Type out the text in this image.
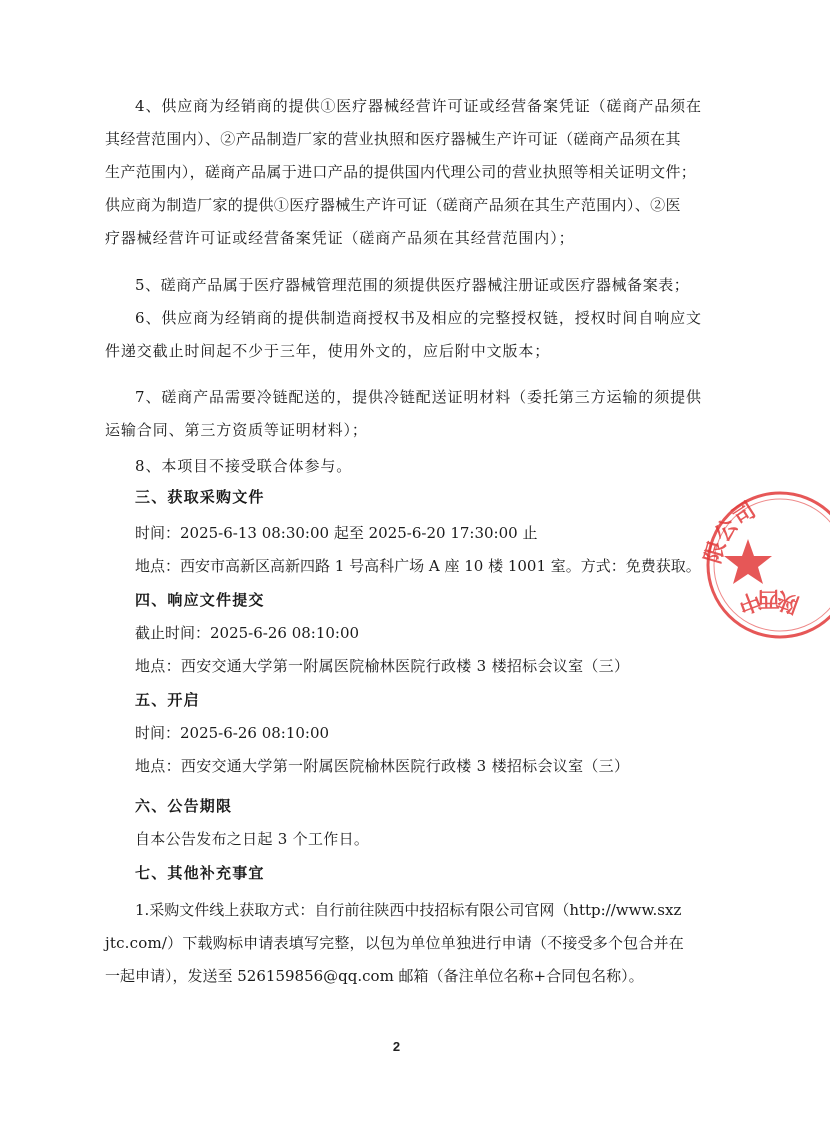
4、供应商为经销商的提供①医疗器械经营许可证或经营备案凭证（磋商产品须在
其经营范围内）、②产品制造厂家的营业执照和医疗器械生产许可证（磋商产品须在其
生产范围内），磋商产品属于进口产品的提供国内代理公司的营业执照等相关证明文件；
供应商为制造厂家的提供①医疗器械生产许可证（磋商产品须在其生产范围内）、②医
疗器械经营许可证或经营备案凭证（磋商产品须在其经营范围内）；
5、磋商产品属于医疗器械管理范围的须提供医疗器械注册证或医疗器械备案表；
6、供应商为经销商的提供制造商授权书及相应的完整授权链，授权时间自响应文
件递交截止时间起不少于三年，使用外文的，应后附中文版本；
7、磋商产品需要冷链配送的，提供冷链配送证明材料（委托第三方运输的须提供
运输合同、第三方资质等证明材料）；
8、本项目不接受联合体参与。
三、获取采购文件
时间：2025-6-13 08:30:00 起至 2025-6-20 17:30:00 止
地点：西安市高新区高新四路 1 号高科广场 A 座 10 楼 1001 室。方式：免费获取。
四、响应文件提交
截止时间：2025-6-26 08:10:00
地点：西安交通大学第一附属医院榆林医院行政楼 3 楼招标会议室（三）
五、开启
时间：2025-6-26 08:10:00
地点：西安交通大学第一附属医院榆林医院行政楼 3 楼招标会议室（三）
六、公告期限
自本公告发布之日起 3 个工作日。
七、其他补充事宜
1.采购文件线上获取方式：自行前往陕西中技招标有限公司官网（http://www.sxz
jtc.com/）下载购标申请表填写完整，以包为单位单独进行申请（不接受多个包合并在
一起申请），发送至 526159856@qq.com 邮箱（备注单位名称+合同包名称）。
2
限公司
陕西中
